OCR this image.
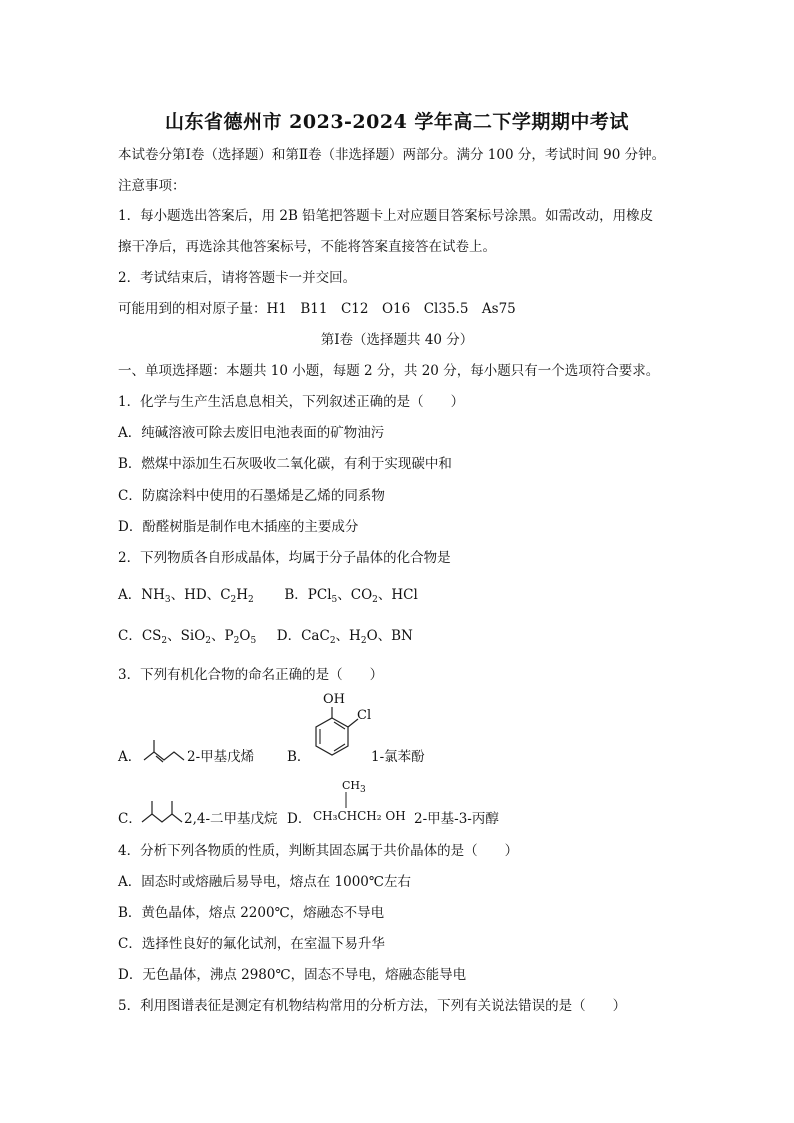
山东省德州市 2023-2024 学年高二下学期期中考试
本试卷分第Ⅰ卷（选择题）和第Ⅱ卷（非选择题）两部分。满分 100 分，考试时间 90 分钟。
注意事项：
1．每小题选出答案后，用 2B 铅笔把答题卡上对应题目答案标号涂黑。如需改动，用橡皮
擦干净后，再选涂其他答案标号，不能将答案直接答在试卷上。
2．考试结束后，请将答题卡一并交回。
可能用到的相对原子量：H1　B11　C12　O16　Cl35.5　As75
第Ⅰ卷（选择题共 40 分）
一、单项选择题：本题共 10 小题，每题 2 分，共 20 分，每小题只有一个选项符合要求。
1．化学与生产生活息息相关，下列叙述正确的是（　　）
A．纯碱溶液可除去废旧电池表面的矿物油污
B．燃煤中添加生石灰吸收二氧化碳，有利于实现碳中和
C．防腐涂料中使用的石墨烯是乙烯的同系物
D．酚醛树脂是制作电木插座的主要成分
2．下列物质各自形成晶体，均属于分子晶体的化合物是
A．$NH_3$、HD、$C_2H_2$ B．PCl$_5$、$CO_2$、HCl
C．$CS_2$、SiO$_2$、$P_2O_5$ D．CaC$_2$、$H_2O$、BN
3．下列有机化合物的命名正确的是（　　）
A．	2-甲基戊烯 B．
OH
Cl
1-氯苯酚
C．	2,4-二甲基戊烷 D．
$CH_3$
CH₃CHCH₂ OH 2-甲基-3-丙醇
4．分析下列各物质的性质，判断其固态属于共价晶体的是（　　）
A．固态时或熔融后易导电，熔点在 1000℃左右
B．黄色晶体，熔点 2200℃，熔融态不导电
C．选择性良好的氟化试剂，在室温下易升华
D．无色晶体，沸点 2980℃，固态不导电，熔融态能导电
5．利用图谱表征是测定有机物结构常用的分析方法，下列有关说法错误的是（　　）
